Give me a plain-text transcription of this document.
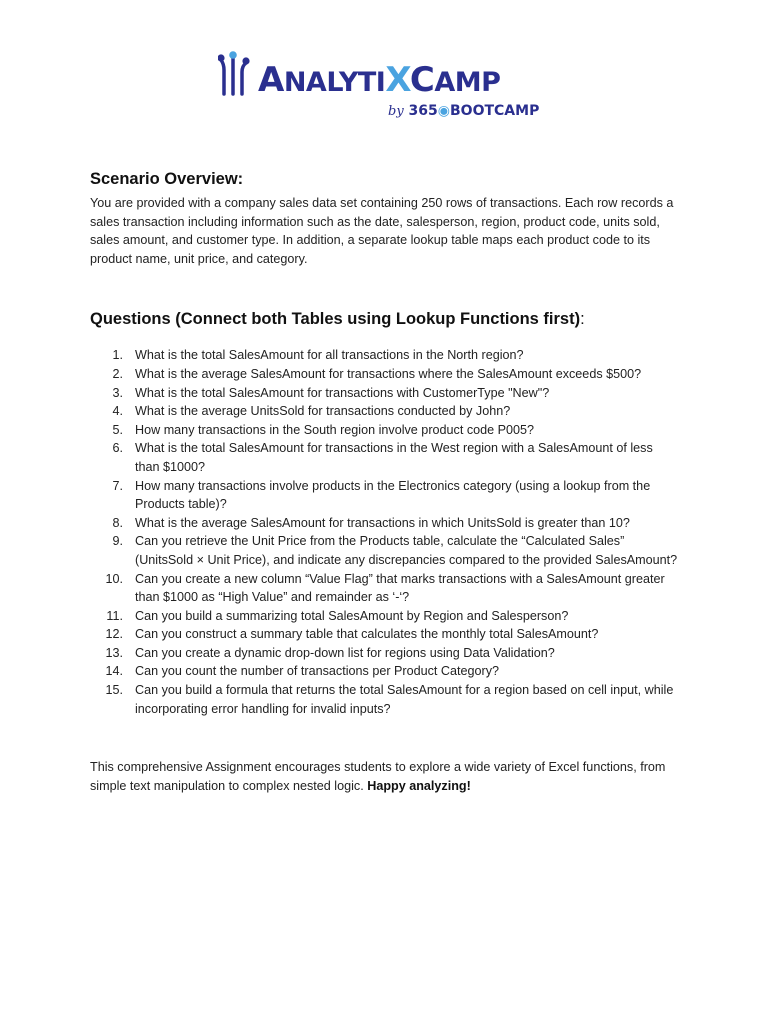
ANALYTIXCAMP
by 365◉BOOTCAMP
Scenario Overview:

You are provided with a company sales data set containing 250 rows of transactions. Each row records a sales transaction including information such as the date, salesperson, region, product code, units sold, sales amount, and customer type. In addition, a separate lookup table maps each product code to its product name, unit price, and category.

Questions (Connect both Tables using Lookup Functions first):
1. What is the total SalesAmount for all transactions in the North region?
2. What is the average SalesAmount for transactions where the SalesAmount exceeds $500?
3. What is the total SalesAmount for transactions with CustomerType "New"?
4. What is the average UnitsSold for transactions conducted by John?
5. How many transactions in the South region involve product code P005?
6. What is the total SalesAmount for transactions in the West region with a SalesAmount of less than $1000?
7. How many transactions involve products in the Electronics category (using a lookup from the Products table)?
8. What is the average SalesAmount for transactions in which UnitsSold is greater than 10?
9. Can you retrieve the Unit Price from the Products table, calculate the “Calculated Sales” (UnitsSold × Unit Price), and indicate any discrepancies compared to the provided SalesAmount?
10. Can you create a new column “Value Flag” that marks transactions with a SalesAmount greater than $1000 as “High Value” and remainder as ‘-‘?
11. Can you build a summarizing total SalesAmount by Region and Salesperson?
12. Can you construct a summary table that calculates the monthly total SalesAmount?
13. Can you create a dynamic drop-down list for regions using Data Validation?
14. Can you count the number of transactions per Product Category?
15. Can you build a formula that returns the total SalesAmount for a region based on cell input, while incorporating error handling for invalid inputs?

This comprehensive Assignment encourages students to explore a wide variety of Excel functions, from simple text manipulation to complex nested logic. Happy analyzing!
